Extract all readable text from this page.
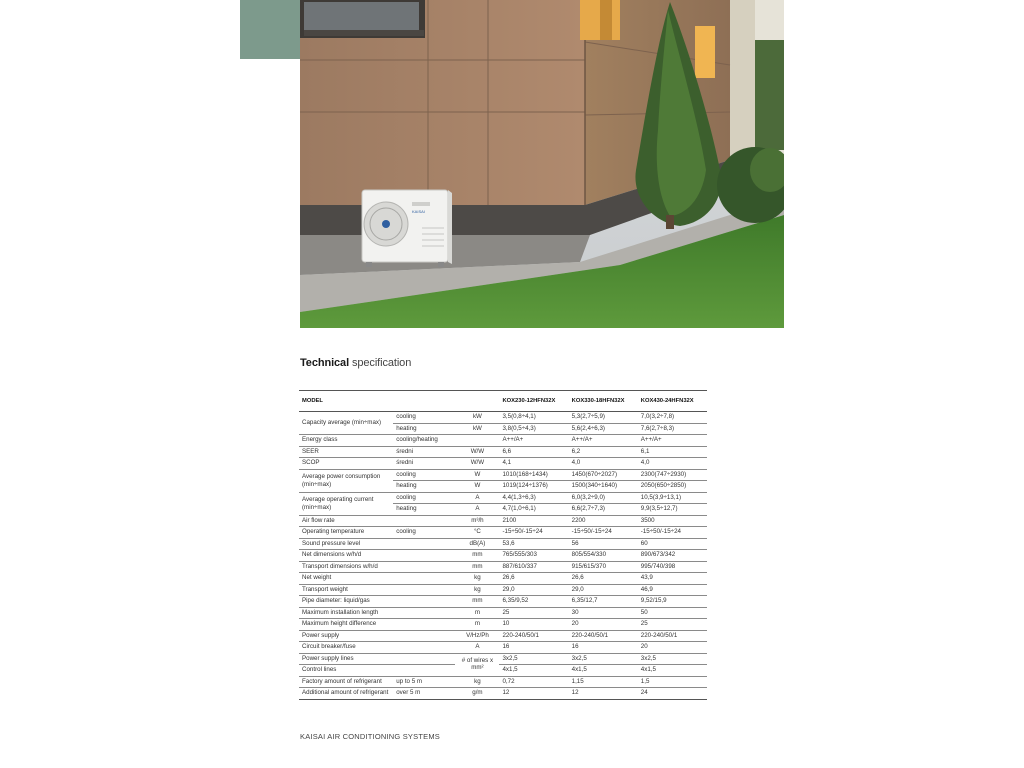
KAISAI
Technical specification
MODEL			KOX230-12HFN32X	KOX330-18HFN32X	KOX430-24HFN32X
Capacity average (min÷max)	cooling	kW	3,5(0,8÷4,1)	5,3(2,7÷5,9)	7,0(3,2÷7,8)
	heating	kW	3,8(0,5÷4,3)	5,6(2,4÷6,3)	7,6(2,7÷8,3)
Energy class	cooling/heating		A++/A+	A++/A+	A++/A+
SEER	średni	W/W	6,6	6,2	6,1
SCOP	średni	W/W	4,1	4,0	4,0
Average power consumption (min÷max)	cooling	W	1010(168÷1434)	1450(670÷2027)	2300(747÷2930)
	heating	W	1019(124÷1376)	1500(340÷1640)	2050(650÷2850)
Average operating current (min÷max)	cooling	A	4,4(1,3÷6,3)	6,0(3,2÷9,0)	10,5(3,9÷13,1)
	heating	A	4,7(1,0÷6,1)	6,6(2,7÷7,3)	9,9(3,5÷12,7)
Air flow rate		m³/h	2100	2200	3500
Operating temperature	cooling	°C	-15÷50/-15÷24	-15÷50/-15÷24	-15÷50/-15÷24
Sound pressure level		dB(A)	53,6	56	60
Net dimensions w/h/d		mm	765/555/303	805/554/330	890/673/342
Transport dimensions w/h/d		mm	887/610/337	915/615/370	995/740/398
Net weight		kg	26,6	26,6	43,9
Transport weight		kg	29,0	29,0	46,9
Pipe diameter: liquid/gas		mm	6,35/9,52	6,35/12,7	9,52/15,9
Maximum installation length		m	25	30	50
Maximum height difference		m	10	20	25
Power supply		V/Hz/Ph	220-240/50/1	220-240/50/1	220-240/50/1
Circuit breaker/fuse		A	16	16	20
Power supply lines		# of wires x mm²	3x2,5	3x2,5	3x2,5
Control lines			4x1,5	4x1,5	4x1,5
Factory amount of refrigerant	up to 5 m	kg	0,72	1,15	1,5
Additional amount of refrigerant	over 5 m	g/m	12	12	24
KAISAI AIR CONDITIONING SYSTEMS
